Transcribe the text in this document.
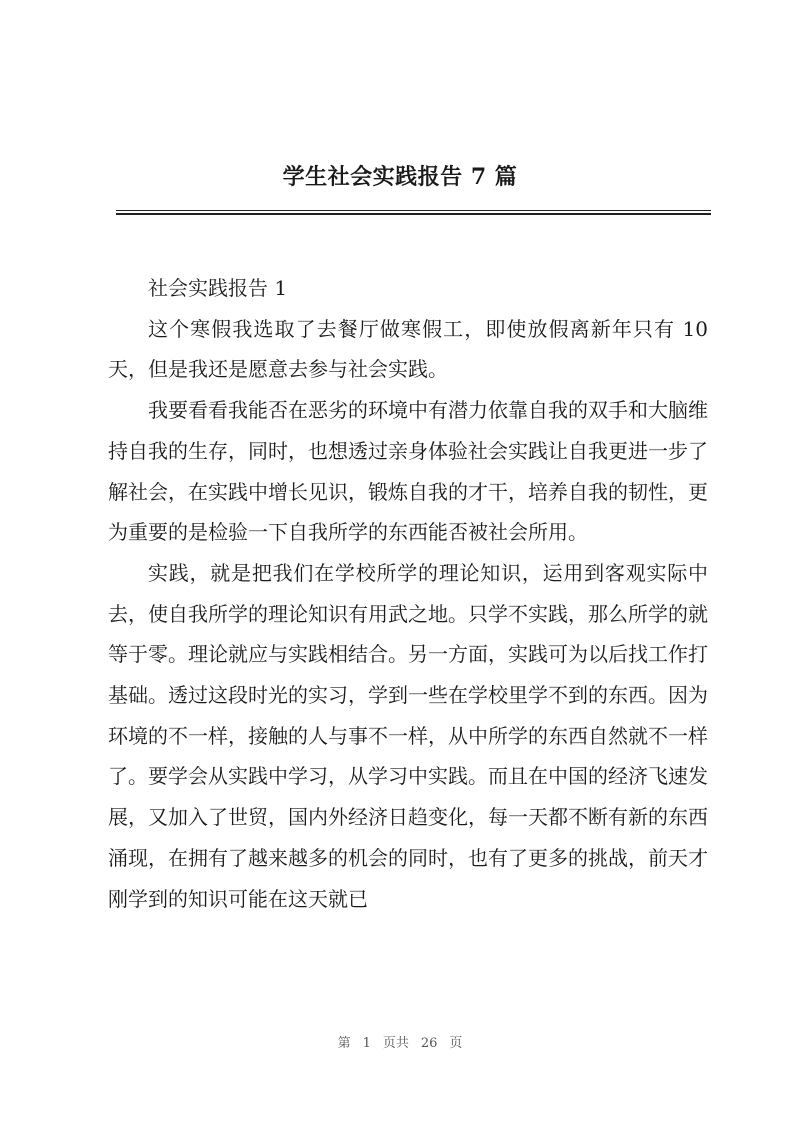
学生社会实践报告 7 篇

社会实践报告 1

这个寒假我选取了去餐厅做寒假工，即使放假离新年只有 10 天，但是我还是愿意去参与社会实践。

我要看看我能否在恶劣的环境中有潜力依靠自我的双手和大脑维持自我的生存，同时，也想透过亲身体验社会实践让自我更进一步了解社会，在实践中增长见识，锻炼自我的才干，培养自我的韧性，更为重要的是检验一下自我所学的东西能否被社会所用。

实践，就是把我们在学校所学的理论知识，运用到客观实际中去，使自我所学的理论知识有用武之地。只学不实践，那么所学的就等于零。理论就应与实践相结合。另一方面，实践可为以后找工作打基础。透过这段时光的实习，学到一些在学校里学不到的东西。因为环境的不一样，接触的人与事不一样，从中所学的东西自然就不一样了。要学会从实践中学习，从学习中实践。而且在中国的经济飞速发展，又加入了世贸，国内外经济日趋变化，每一天都不断有新的东西涌现，在拥有了越来越多的机会的同时，也有了更多的挑战，前天才刚学到的知识可能在这天就已

第 1 页共 26 页
